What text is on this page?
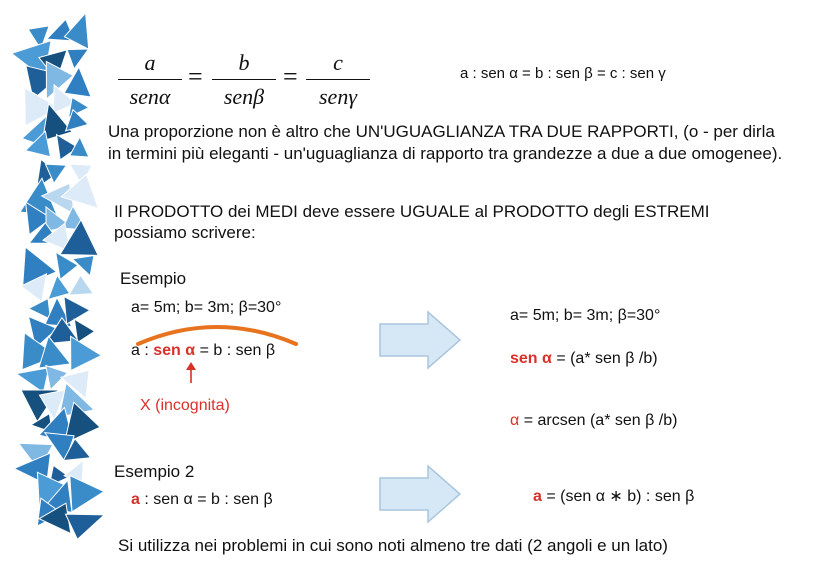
a
senα
=	b
senβ
=	c
senγ
a : sen α = b : sen β = c : sen γ
Una proporzione non è altro che UN'UGUAGLIANZA TRA DUE RAPPORTI, (o - per dirla in termini più eleganti - un'uguaglianza di rapporto tra grandezze a due a due omogenee).
Il PRODOTTO dei MEDI deve essere UGUALE al PRODOTTO degli ESTREMI
possiamo scrivere:
Esempio
a= 5m; b= 3m; β=30°
a : sen α = b : sen β
X (incognita)
a= 5m; b= 3m; β=30°
sen α = (a* sen β /b)
α = arcsen (a* sen β /b)
Esempio 2
a : sen α = b : sen β	a = (sen α ∗ b) : sen β
Si utilizza nei problemi in cui sono noti almeno tre dati (2 angoli e un lato)
